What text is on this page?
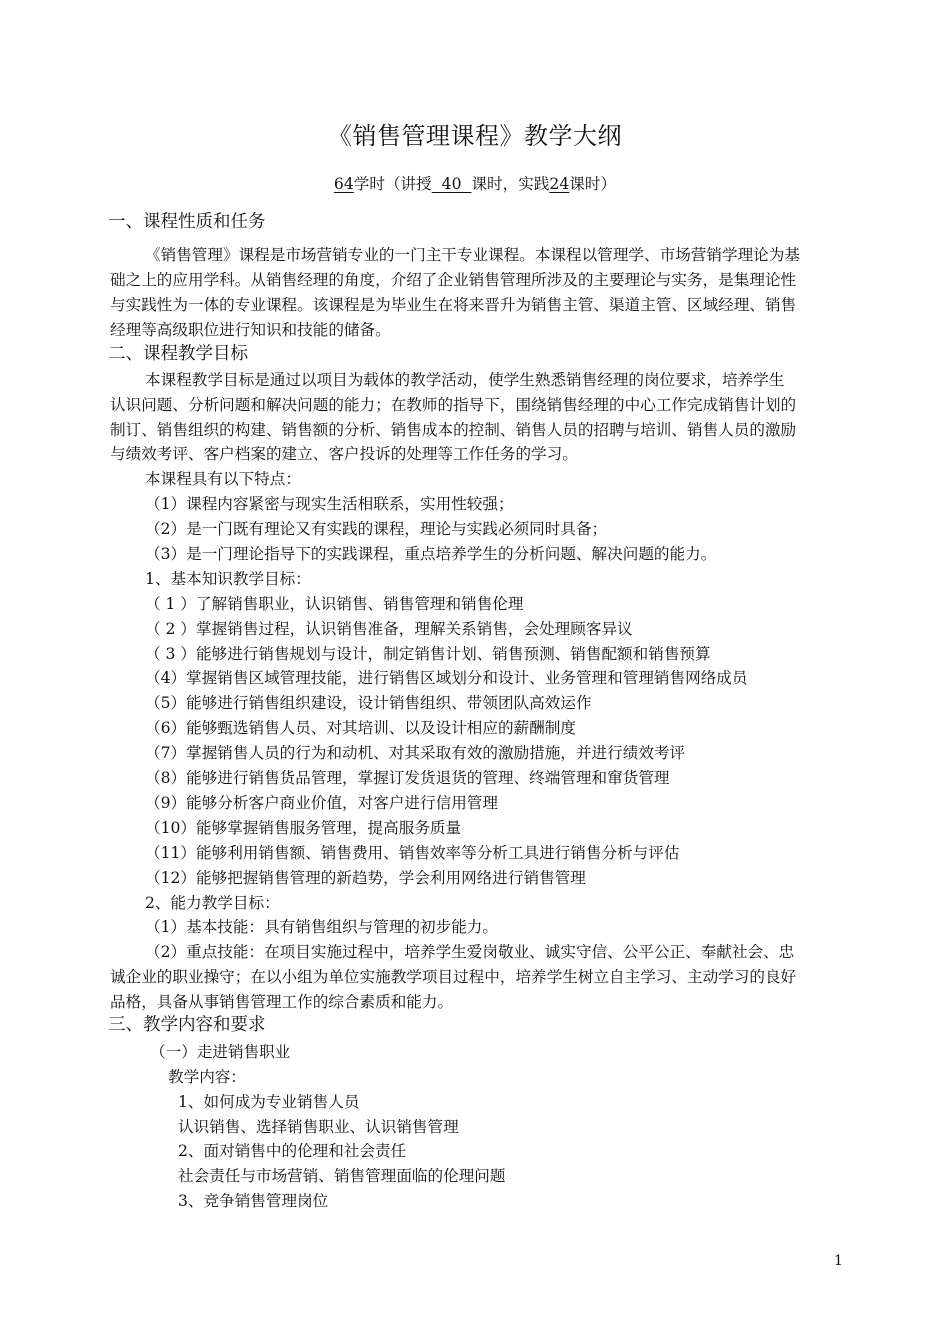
《销售管理课程》教学大纲
64学时（讲授 40 课时，实践24课时）
一、课程性质和任务
《销售管理》课程是市场营销专业的一门主干专业课程。本课程以管理学、市场营销学理论为基
础之上的应用学科。从销售经理的角度，介绍了企业销售管理所涉及的主要理论与实务，是集理论性
与实践性为一体的专业课程。该课程是为毕业生在将来晋升为销售主管、渠道主管、区域经理、销售
经理等高级职位进行知识和技能的储备。
二、课程教学目标
本课程教学目标是通过以项目为载体的教学活动，使学生熟悉销售经理的岗位要求，培养学生
认识问题、分析问题和解决问题的能力；在教师的指导下，围绕销售经理的中心工作完成销售计划的
制订、销售组织的构建、销售额的分析、销售成本的控制、销售人员的招聘与培训、销售人员的激励
与绩效考评、客户档案的建立、客户投诉的处理等工作任务的学习。
本课程具有以下特点：
（1）课程内容紧密与现实生活相联系，实用性较强；
（2）是一门既有理论又有实践的课程，理论与实践必须同时具备；
（3）是一门理论指导下的实践课程，重点培养学生的分析问题、解决问题的能力。
1、基本知识教学目标：
（ 1 ）了解销售职业，认识销售、销售管理和销售伦理
（ 2 ）掌握销售过程，认识销售准备，理解关系销售，会处理顾客异议
（ 3 ）能够进行销售规划与设计，制定销售计划、销售预测、销售配额和销售预算
（4）掌握销售区域管理技能，进行销售区域划分和设计、业务管理和管理销售网络成员
（5）能够进行销售组织建设，设计销售组织、带领团队高效运作
（6）能够甄选销售人员、对其培训、以及设计相应的薪酬制度
（7）掌握销售人员的行为和动机、对其采取有效的激励措施，并进行绩效考评
（8）能够进行销售货品管理，掌握订发货退货的管理、终端管理和窜货管理
（9）能够分析客户商业价值，对客户进行信用管理
（10）能够掌握销售服务管理，提高服务质量
（11）能够利用销售额、销售费用、销售效率等分析工具进行销售分析与评估
（12）能够把握销售管理的新趋势，学会利用网络进行销售管理
2、能力教学目标：
（1）基本技能：具有销售组织与管理的初步能力。
（2）重点技能：在项目实施过程中，培养学生爱岗敬业、诚实守信、公平公正、奉献社会、忠
诚企业的职业操守；在以小组为单位实施教学项目过程中，培养学生树立自主学习、主动学习的良好
品格，具备从事销售管理工作的综合素质和能力。
三、教学内容和要求
（一）走进销售职业
教学内容：
1、如何成为专业销售人员
认识销售、选择销售职业、认识销售管理
2、面对销售中的伦理和社会责任
社会责任与市场营销、销售管理面临的伦理问题
3、竞争销售管理岗位
1
